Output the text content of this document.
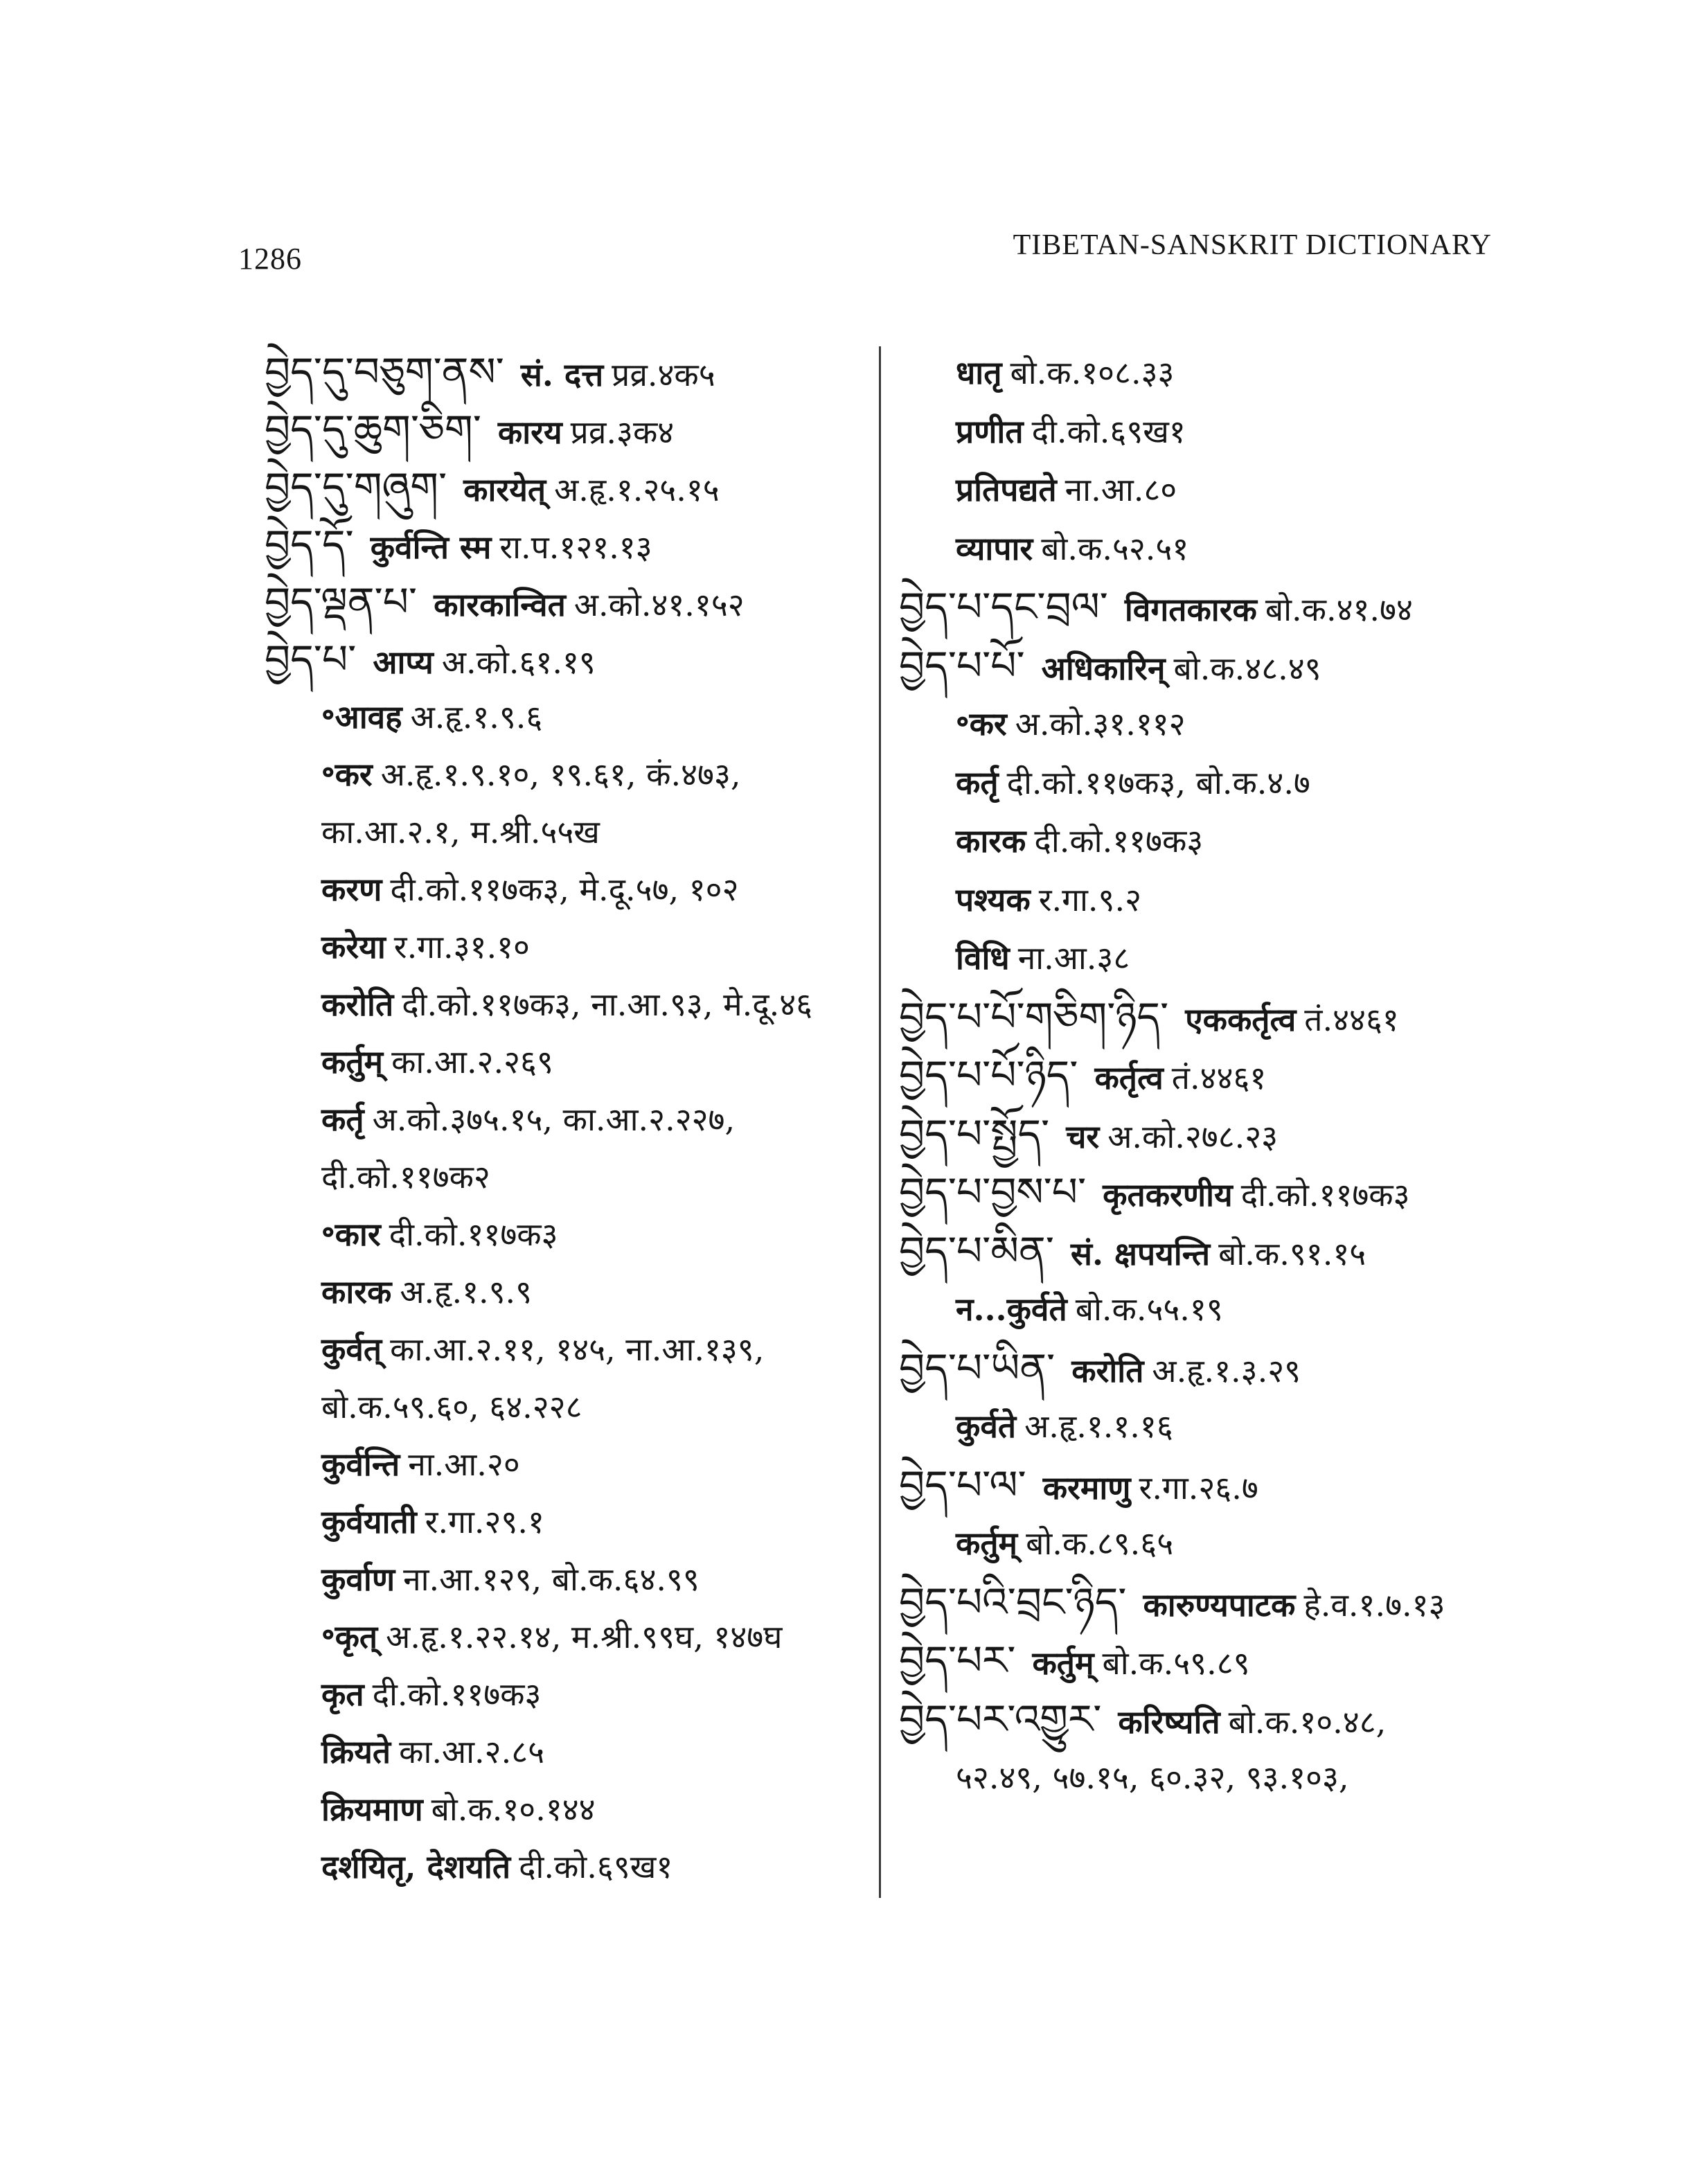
1286	TIBETAN-SANSKRIT DICTIONARY
བྱེད་དུ་བཅུག་ནས་ सं. दत्त प्रव्र.४क५
བྱེད་དུ་ཆུག་ཅིག་ कारय प्रव्र.३क४
བྱེད་དུ་གཞུག་ कारयेत् अ.हृ.१.२५.१५
བྱེད་དོ་ कुर्वन्ति स्म रा.प.१२१.१३
བྱེད་ལྡན་པ་ कारकान्वित अ.को.४१.१५२
བྱེད་པ་ आप्य अ.को.६१.१९
॰आवह अ.हृ.१.९.६
॰कर अ.हृ.१.९.१०, १९.६१, कं.४७३,
का.आ.२.१, म.श्री.५५ख
करण दी.को.११७क३, मे.दू.५७, १०२
करेया र.गा.३१.१०
करोति दी.को.११७क३, ना.आ.९३, मे.दू.४६
कर्तुम् का.आ.२.२६९
कर्तृ अ.को.३७५.१५, का.आ.२.२२७,
दी.को.११७क२
॰कार दी.को.११७क३
कारक अ.हृ.१.९.९
कुर्वत् का.आ.२.११, १४५, ना.आ.१३९,
बो.क.५९.६०, ६४.२२८
कुर्वन्ति ना.आ.२०
कुर्वयाती र.गा.२९.१
कुर्वाण ना.आ.१२९, बो.क.६४.९९
॰कृत् अ.हृ.१.२२.१४, म.श्री.९९घ, १४७घ
कृत दी.को.११७क३
क्रियते का.आ.२.८५
क्रियमाण बो.क.१०.१४४
दर्शयितृ, देशयति दी.को.६९ख१
धातृ बो.क.१०८.३३
प्रणीत दी.को.६९ख१
प्रतिपद्यते ना.आ.८०
व्यापार बो.क.५२.५१
བྱེད་པ་དང་བྲལ་ विगतकारक बो.क.४१.७४
བྱེད་པ་པོ་ अधिकारिन् बो.क.४८.४९
॰कर अ.को.३१.११२
कर्तृ दी.को.११७क३, बो.क.४.७
कारक दी.को.११७क३
पश्यक र.गा.९.२
विधि ना.आ.३८
བྱེད་པ་པོ་གཅིག་ཉིད་ एककर्तृत्व तं.४४६१
བྱེད་པ་པོ་ཉིད་ कर्तृत्व तं.४४६१
བྱེད་པ་སྤྱོད་ चर अ.को.२७८.२३
བྱེད་པ་བྱས་པ་ कृतकरणीय दी.को.११७क३
བྱེད་པ་མིན་ सं. क्षपयन्ति बो.क.९१.१५
न...कुर्वते बो.क.५५.१९
བྱེད་པ་ཡིན་ करोति अ.हृ.१.३.२९
कुर्वते अ.हृ.१.१.१६
བྱེད་པ་ལ་ करमाणु र.गा.२६.७
कर्तुम् बो.क.८९.६५
བྱེད་པའི་བྲང་ཉིད་ कारुण्यपाटक हे.व.१.७.१३
བྱེད་པར་ कर्तुम् बो.क.५९.८९
བྱེད་པར་འགྱུར་ करिष्यति बो.क.१०.४८,
५२.४९, ५७.१५, ६०.३२, ९३.१०३,
